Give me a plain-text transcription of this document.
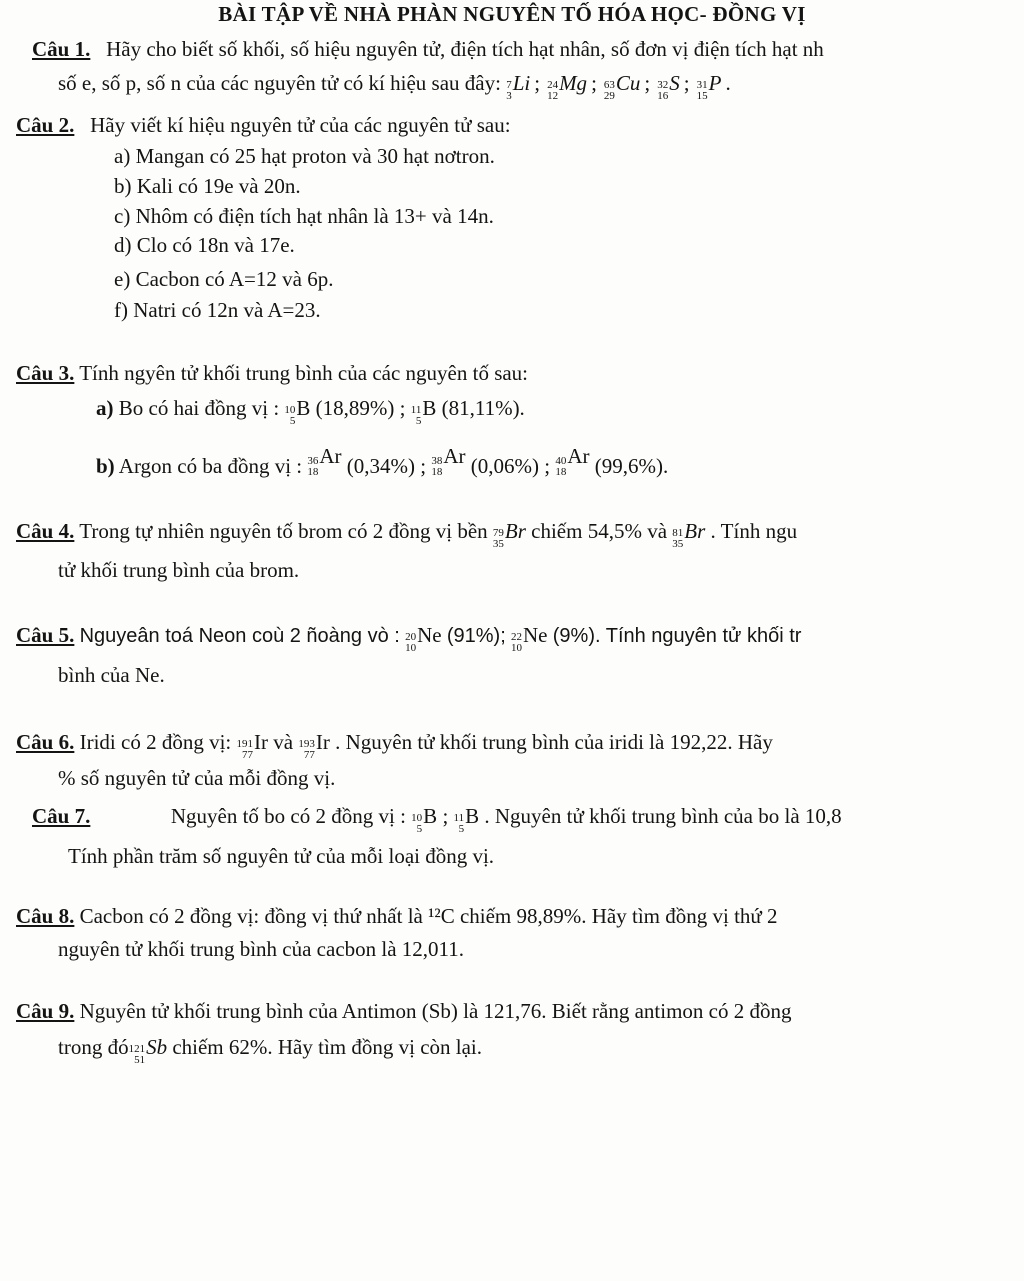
BÀI TẬP VỀ NHÀ PHÀN NGUYÊN TỐ HÓA HỌC- ĐỒNG VỊ
Câu 1. Hãy cho biết số khối, số hiệu nguyên tử, điện tích hạt nhân, số đơn vị điện tích hạt nh
số e, số p, số n của các nguyên tử có kí hiệu sau đây: 7
3
Li ; 24
12
Mg ; 63
29
Cu ; 32
16
S ; 31
15
P .
Câu 2. Hãy viết kí hiệu nguyên tử của các nguyên tử sau:
a) Mangan có 25 hạt proton và 30 hạt nơtron.
b) Kali có 19e và 20n.
c) Nhôm có điện tích hạt nhân là 13+ và 14n.
d) Clo có 18n và 17e.
e) Cacbon có A=12 và 6p.
f) Natri có 12n và A=23.
Câu 3. Tính ngyên tử khối trung bình của các nguyên tố sau:
a) Bo có hai đồng vị : 10
5
B (18,89%) ; 11
5
B (81,11%).
b) Argon có ba đồng vị : 36
18
Ar (0,34%) ; 38
18
Ar (0,06%) ; 40
18
Ar (99,6%).
Câu 4. Trong tự nhiên nguyên tố brom có 2 đồng vị bền 79
35
Br chiếm 54,5% và 81
35
Br . Tính ngu
tử khối trung bình của brom.
Câu 5. Nguyeân toá Neon coù 2 ñoàng vò : 20
10
Ne (91%); 22
10
Ne (9%). Tính nguyên tử khối tr
bình của Ne.
Câu 6. Iridi có 2 đồng vị: 191
77
Ir và 193
77
Ir . Nguyên tử khối trung bình của iridi là 192,22. Hãy
% số nguyên tử của mỗi đồng vị.
Câu 7.	Nguyên tố bo có 2 đồng vị : 10
5
B ; 11
5
B . Nguyên tử khối trung bình của bo là 10,8
Tính phần trăm số nguyên tử của mỗi loại đồng vị.
Câu 8. Cacbon có 2 đồng vị: đồng vị thứ nhất là ¹²C chiếm 98,89%. Hãy tìm đồng vị thứ 2
nguyên tử khối trung bình của cacbon là 12,011.
Câu 9. Nguyên tử khối trung bình của Antimon (Sb) là 121,76. Biết rằng antimon có 2 đồng
trong đó 121
51
Sb chiếm 62%. Hãy tìm đồng vị còn lại.
